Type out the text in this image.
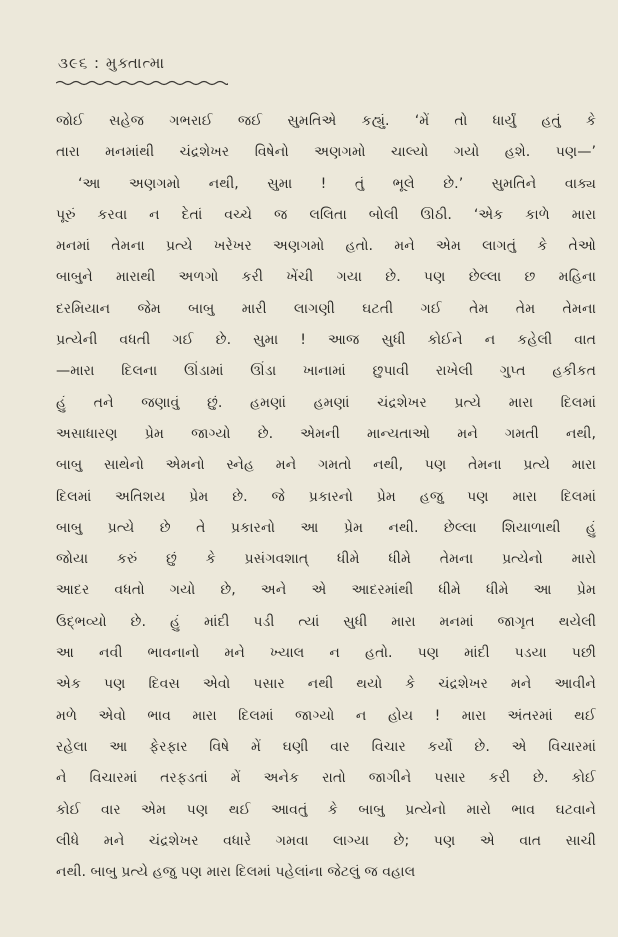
૩૯૬ : મુક્તાત્મા
જોઈ સહેજ ગભરાઈ જઈ સુમતિએ કહ્યું. ‘મેં તો ધાર્યું હતું કે
તારા મનમાંથી ચંદ્રશેખર વિષેનો અણગમો ચાલ્યો ગયો હશે. પણ—’
‘આ અણગમો નથી, સુમા ! તું ભૂલે છે.’ સુમતિને વાક્ય
પૂરું કરવા ન દેતાં વચ્ચે જ લલિતા બોલી ઊઠી. ‘એક કાળે મારા
મનમાં તેમના પ્રત્યે ખરેખર અણગમો હતો. મને એમ લાગતું કે તેઓ
બાબુને મારાથી અળગો કરી ખેંચી ગયા છે. પણ છેલ્લા છ મહિના
દરમિયાન જેમ બાબુ મારી લાગણી ઘટતી ગઈ તેમ તેમ તેમના
પ્રત્યેની વધતી ગઈ છે. સુમા ! આજ સુધી કોઈને ન કહેલી વાત
—મારા દિલના ઊંડામાં ઊંડા ખાનામાં છુપાવી રાખેલી ગુપ્ત હકીકત
હું તને જણાવું છું. હમણાં હમણાં ચંદ્રશેખર પ્રત્યે મારા દિલમાં
અસાધારણ પ્રેમ જાગ્યો છે. એમની માન્યતાઓ મને ગમતી નથી,
બાબુ સાથેનો એમનો સ્નેહ મને ગમતો નથી, પણ તેમના પ્રત્યે મારા
દિલમાં અતિશય પ્રેમ છે. જે પ્રકારનો પ્રેમ હજુ પણ મારા દિલમાં
બાબુ પ્રત્યે છે તે પ્રકારનો આ પ્રેમ નથી. છેલ્લા શિયાળાથી હું
જોયા કરું છું કે પ્રસંગવશાત્ ધીમે ધીમે તેમના પ્રત્યેનો મારો
આદર વધતો ગયો છે, અને એ આદરમાંથી ધીમે ધીમે આ પ્રેમ
ઉદ્ભવ્યો છે. હું માંદી પડી ત્યાં સુધી મારા મનમાં જાગૃત થયેલી
આ નવી ભાવનાનો મને ખ્યાલ ન હતો. પણ માંદી પડયા પછી
એક પણ દિવસ એવો પસાર નથી થયો કે ચંદ્રશેખર મને આવીને
મળે એવો ભાવ મારા દિલમાં જાગ્યો ન હોય ! મારા અંતરમાં થઈ
રહેલા આ ફેરફાર વિષે મેં ઘણી વાર વિચાર કર્યો છે. એ વિચારમાં
ને વિચારમાં તરફડતાં મેં અનેક રાતો જાગીને પસાર કરી છે. કોઈ
કોઈ વાર એમ પણ થઈ આવતું કે બાબુ પ્રત્યેનો મારો ભાવ ઘટવાને
લીધે મને ચંદ્રશેખર વધારે ગમવા લાગ્યા છે; પણ એ વાત સાચી
નથી. બાબુ પ્રત્યે હજુ પણ મારા દિલમાં પહેલાંના જેટલું જ વહાલ
